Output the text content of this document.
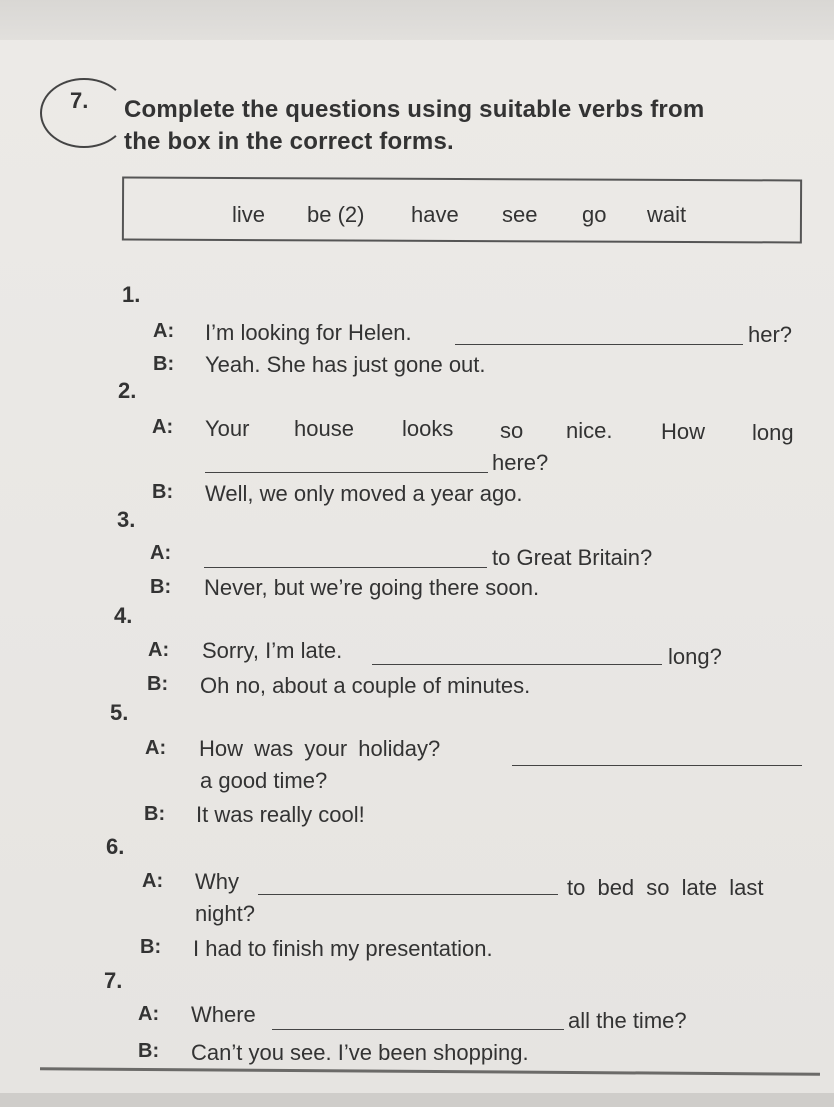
7. Complete the questions using suitable verbs from
the box in the correct forms.
live be (2) have see go wait
1.
A: I’m looking for Helen.	her?
B: Yeah. She has just gone out.
2.
A: Your house looks so nice. How long
here?
B: Well, we only moved a year ago.
3.
A:	to Great Britain?
B: Never, but we’re going there soon.
4.
A: Sorry, I’m late.	long?
B: Oh no, about a couple of minutes.
5.
A: How was your holiday?
a good time?
B: It was really cool!
6.
A: Why	to bed so late last
night?
B: I had to finish my presentation.
7.
A: Where	all the time?
B: Can’t you see. I’ve been shopping.
